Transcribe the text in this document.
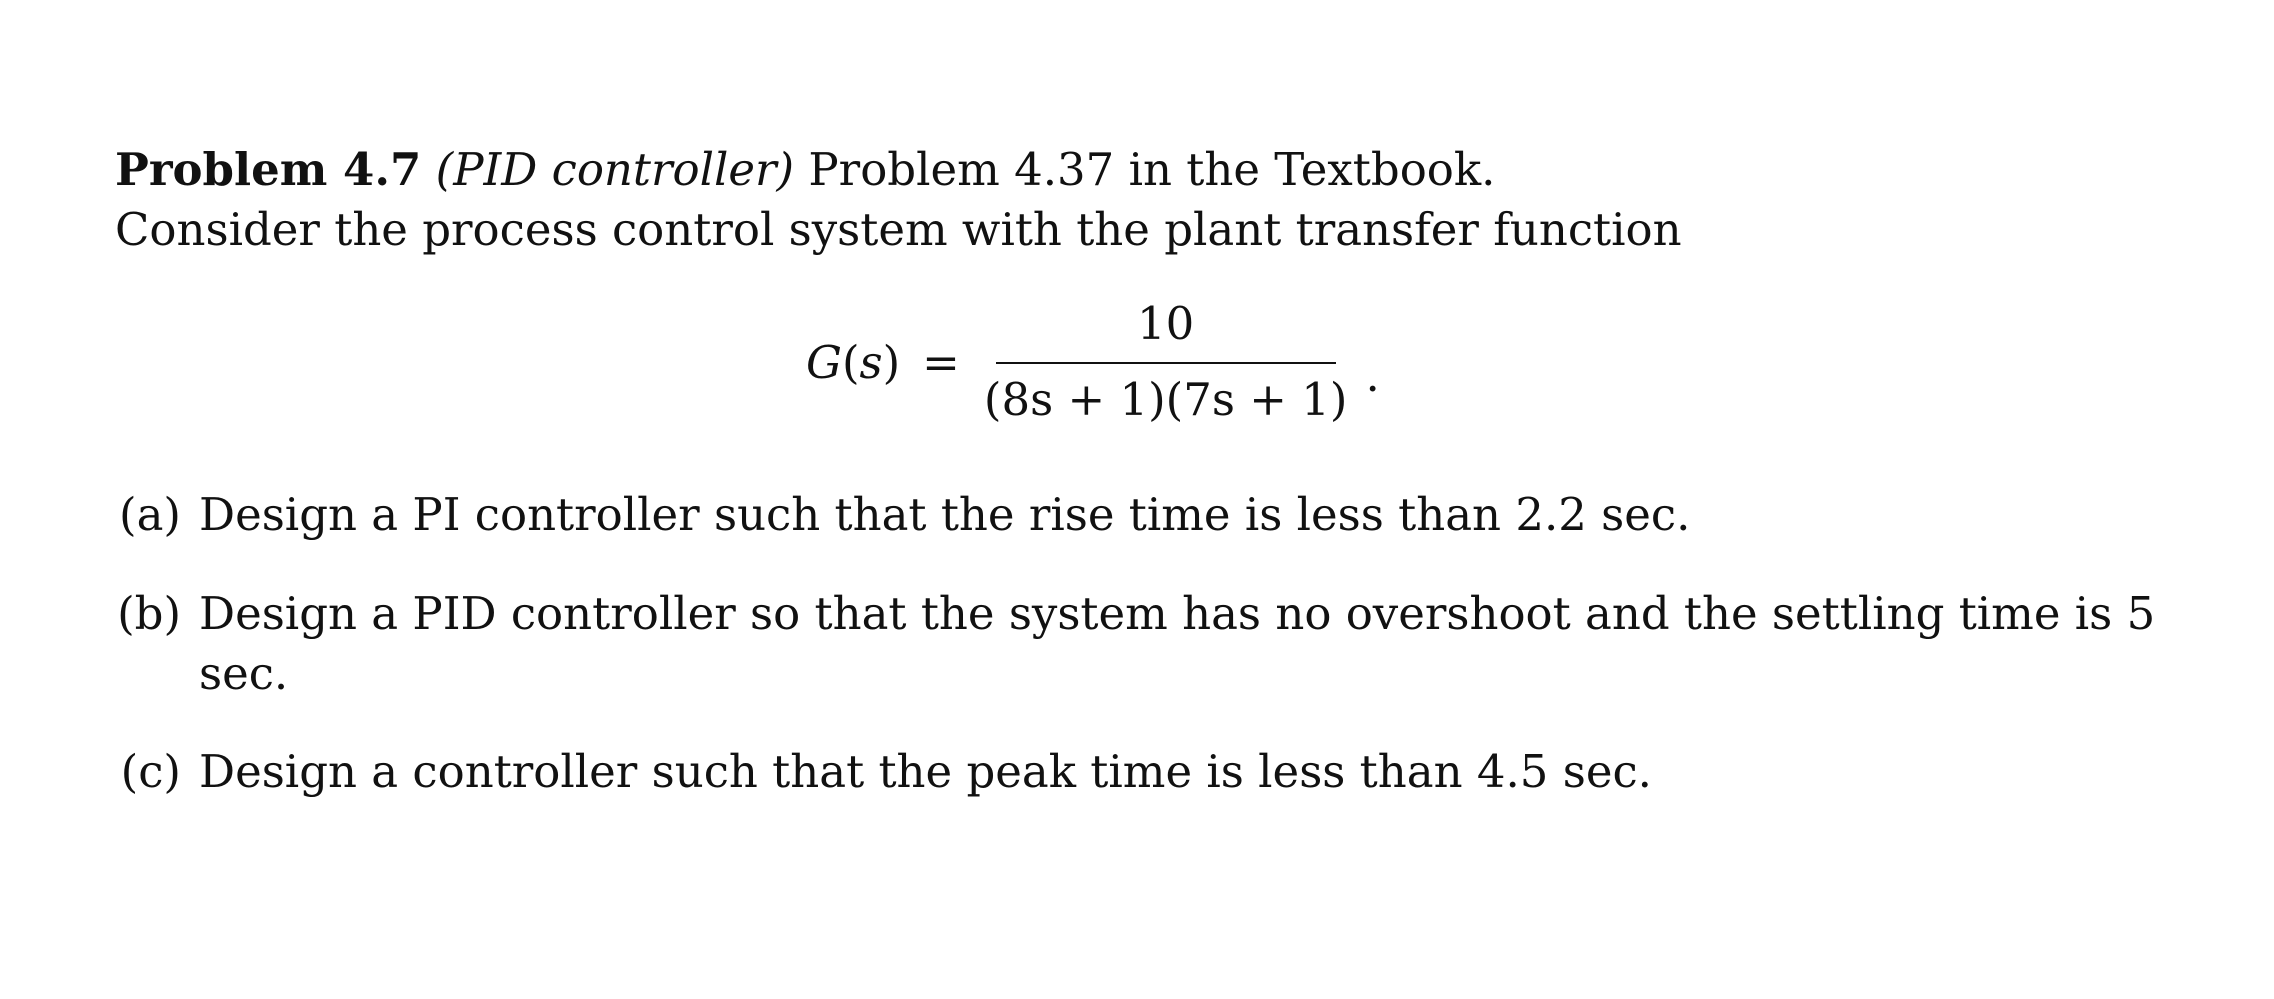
Problem 4.7 (PID controller) Problem 4.37 in the Textbook.
Consider the process control system with the plant transfer function
$G(s) = \frac{10}{(8s + 1)(7s + 1)}$ .
(a) Design a PI controller such that the rise time is less than 2.2 sec.
(b) Design a PID controller so that the system has no overshoot and the settling time is 5
sec.
(c) Design a controller such that the peak time is less than 4.5 sec.
